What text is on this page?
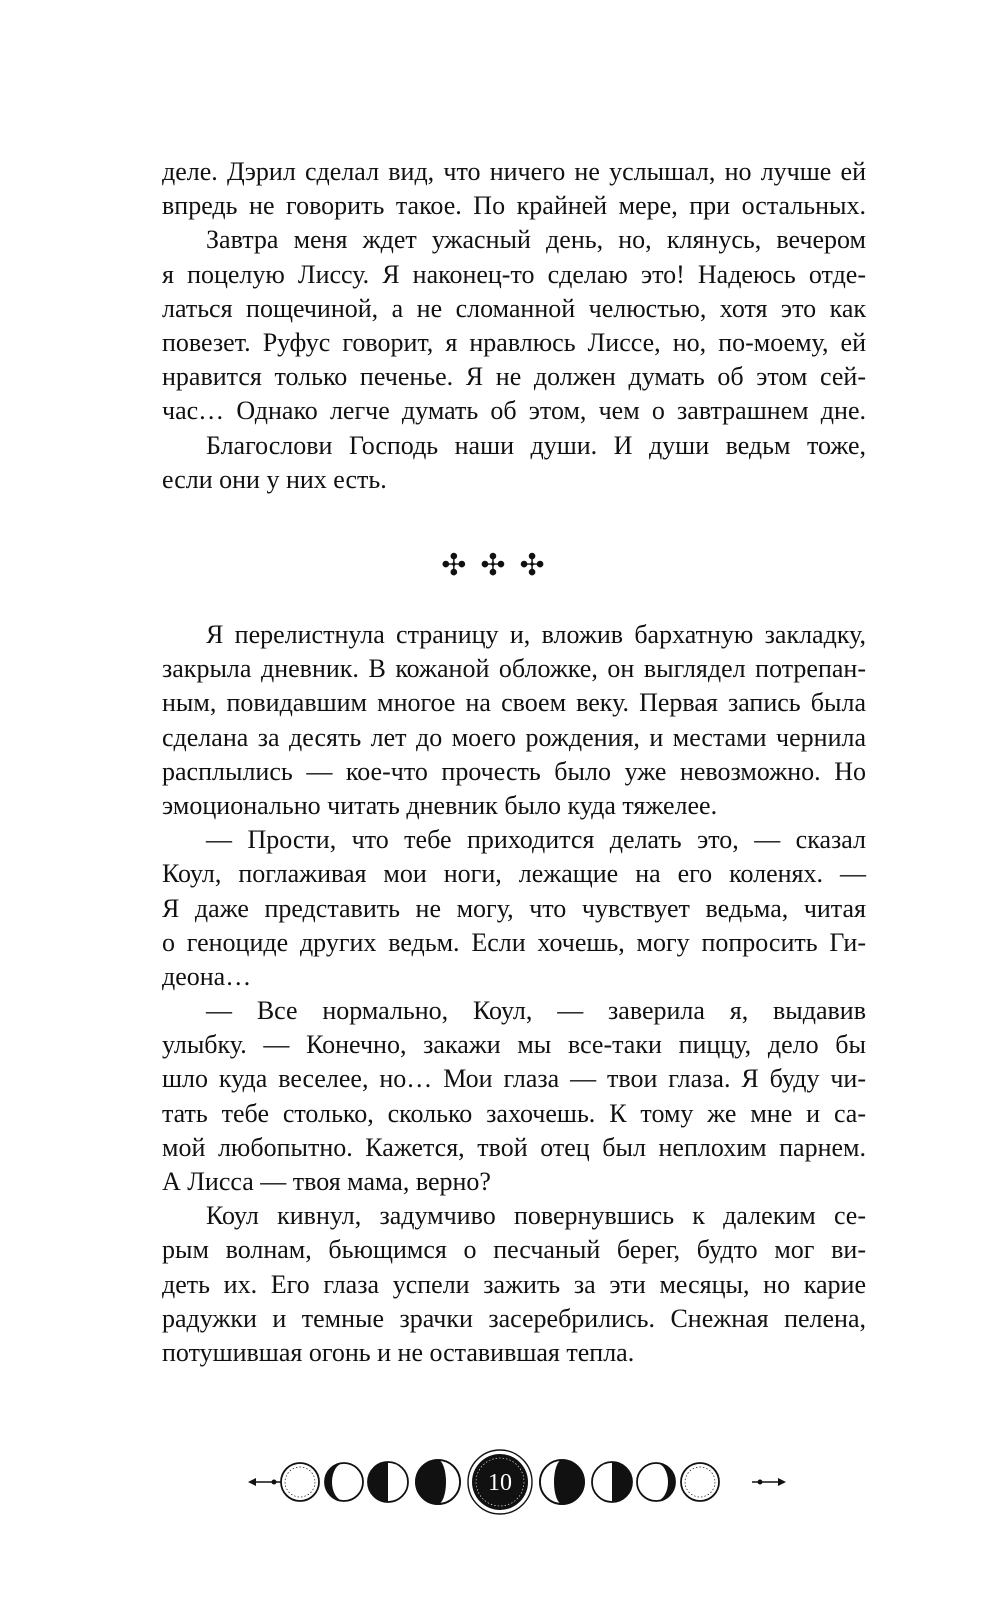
деле. Дэрил сделал вид, что ничего не услышал, но лучше ей
впредь не говорить такое. По крайней мере, при остальных.
Завтра меня ждет ужасный день, но, клянусь, вечером
я поцелую Лиссу. Я наконец-то сделаю это! Надеюсь отде-
латься пощечиной, а не сломанной челюстью, хотя это как
повезет. Руфус говорит, я нравлюсь Лиссе, но, по-моему, ей
нравится только печенье. Я не должен думать об этом сей-
час… Однако легче думать об этом, чем о завтрашнем дне.
Благослови Господь наши души. И души ведьм тоже,
если они у них есть.
✣✣✣
Я перелистнула страницу и, вложив бархатную закладку,
закрыла дневник. В кожаной обложке, он выглядел потрепан-
ным, повидавшим многое на своем веку. Первая запись была
сделана за десять лет до моего рождения, и местами чернила
расплылись — кое-что прочесть было уже невозможно. Но
эмоционально читать дневник было куда тяжелее.
— Прости, что тебе приходится делать это, — сказал
Коул, поглаживая мои ноги, лежащие на его коленях. —
Я даже представить не могу, что чувствует ведьма, читая
о геноциде других ведьм. Если хочешь, могу попросить Ги-
деона…
— Все нормально, Коул, — заверила я, выдавив
улыбку. — Конечно, закажи мы все-таки пиццу, дело бы
шло куда веселее, но… Мои глаза — твои глаза. Я буду чи-
тать тебе столько, сколько захочешь. К тому же мне и са-
мой любопытно. Кажется, твой отец был неплохим парнем.
А Лисса — твоя мама, верно?
Коул кивнул, задумчиво повернувшись к далеким се-
рым волнам, бьющимся о песчаный берег, будто мог ви-
деть их. Его глаза успели зажить за эти месяцы, но карие
радужки и темные зрачки засеребрились. Снежная пелена,
потушившая огонь и не оставившая тепла.
10
